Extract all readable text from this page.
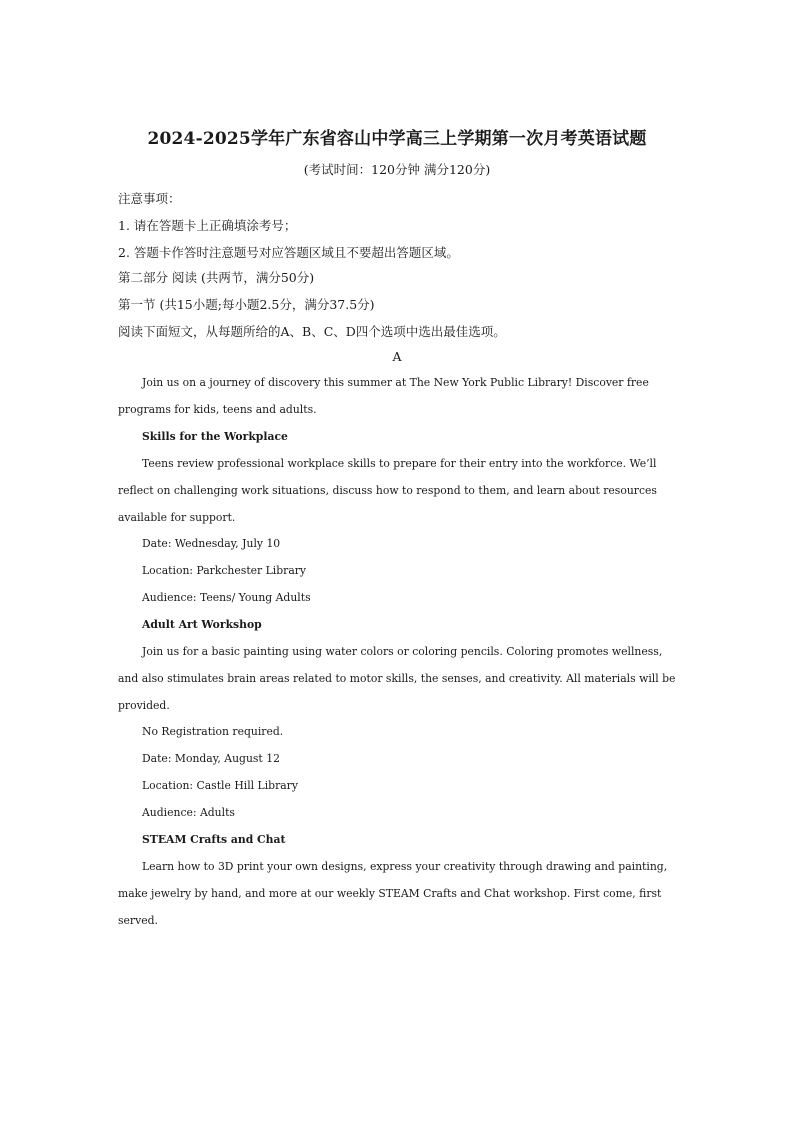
2024-2025学年广东省容山中学高三上学期第一次月考英语试题
(考试时间：120分钟 满分120分)
注意事项：
1. 请在答题卡上正确填涂考号；
2. 答题卡作答时注意题号对应答题区域且不要超出答题区域。
第二部分 阅读 (共两节，满分50分)
第一节 (共15小题;每小题2.5分，满分37.5分)
阅读下面短文，从每题所给的A、B、C、D四个选项中选出最佳选项。
A

Join us on a journey of discovery this summer at The New York Public Library! Discover free programs for kids, teens and adults.

Skills for the Workplace

Teens review professional workplace skills to prepare for their entry into the workforce. We’ll reflect on challenging work situations, discuss how to respond to them, and learn about resources available for support.

Date: Wednesday, July 10
Location: Parkchester Library
Audience: Teens/ Young Adults
Adult Art Workshop

Join us for a basic painting using water colors or coloring pencils. Coloring promotes wellness, and also stimulates brain areas related to motor skills, the senses, and creativity. All materials will be provided.

No Registration required.
Date: Monday, August 12
Location: Castle Hill Library
Audience: Adults
STEAM Crafts and Chat

Learn how to 3D print your own designs, express your creativity through drawing and painting, make jewelry by hand, and more at our weekly STEAM Crafts and Chat workshop. First come, first served.
